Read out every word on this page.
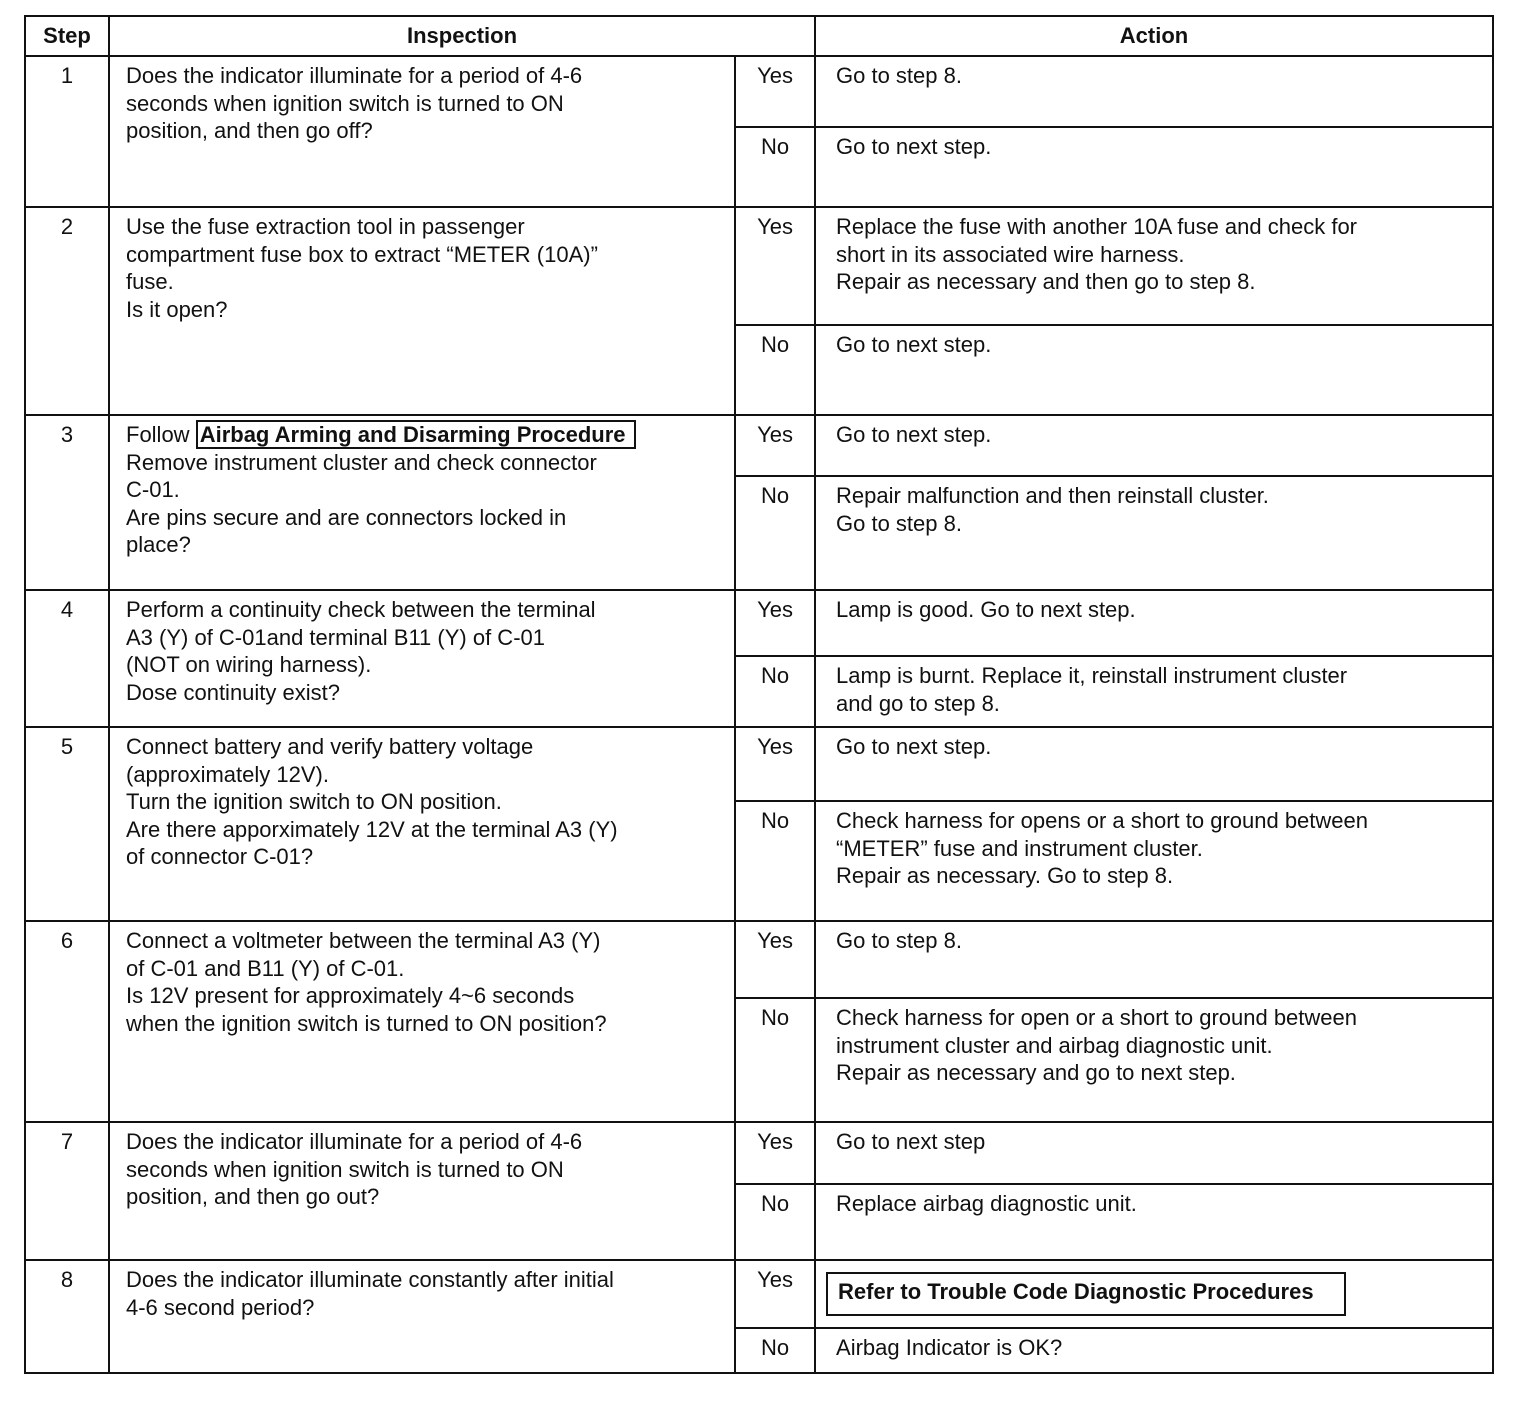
Step	Inspection		Action
1	Does the indicator illuminate for a period of 4-6
seconds when ignition switch is turned to ON
position, and then go off?	Yes	Go to step 8.

		No	Go to next step.

2	Use the fuse extraction tool in passenger
compartment fuse box to extract “METER (10A)”
fuse.
Is it open?	Yes	Replace the fuse with another 10A fuse and check for
short in its associated wire harness.
Repair as necessary and then go to step 8.

		No	Go to next step.

3	Follow Airbag Arming and Disarming Procedure
Remove instrument cluster and check connector
C-01.
Are pins secure and are connectors locked in
place?	Yes	Go to next step.

		No	Repair malfunction and then reinstall cluster.
Go to step 8.

4	Perform a continuity check between the terminal
A3 (Y) of C-01and terminal B11 (Y) of C-01
(NOT on wiring harness).
Dose continuity exist?	Yes	Lamp is good. Go to next step.

		No	Lamp is burnt. Replace it, reinstall instrument cluster
and go to step 8.

5	Connect battery and verify battery voltage
(approximately 12V).
Turn the ignition switch to ON position.
Are there apporximately 12V at the terminal A3 (Y)
of connector C-01?	Yes	Go to next step.

		No	Check harness for opens or a short to ground between
“METER” fuse and instrument cluster.
Repair as necessary. Go to step 8.

6	Connect a voltmeter between the terminal A3 (Y)
of C-01 and B11 (Y) of C-01.
Is 12V present for approximately 4~6 seconds
when the ignition switch is turned to ON position?	Yes	Go to step 8.

		No	Check harness for open or a short to ground between
instrument cluster and airbag diagnostic unit.
Repair as necessary and go to next step.

7	Does the indicator illuminate for a period of 4-6
seconds when ignition switch is turned to ON
position, and then go out?	Yes	Go to next step

		No	Replace airbag diagnostic unit.

8	Does the indicator illuminate constantly after initial
4-6 second period?	Yes	Refer to Trouble Code Diagnostic Procedures
		No	Airbag Indicator is OK?
